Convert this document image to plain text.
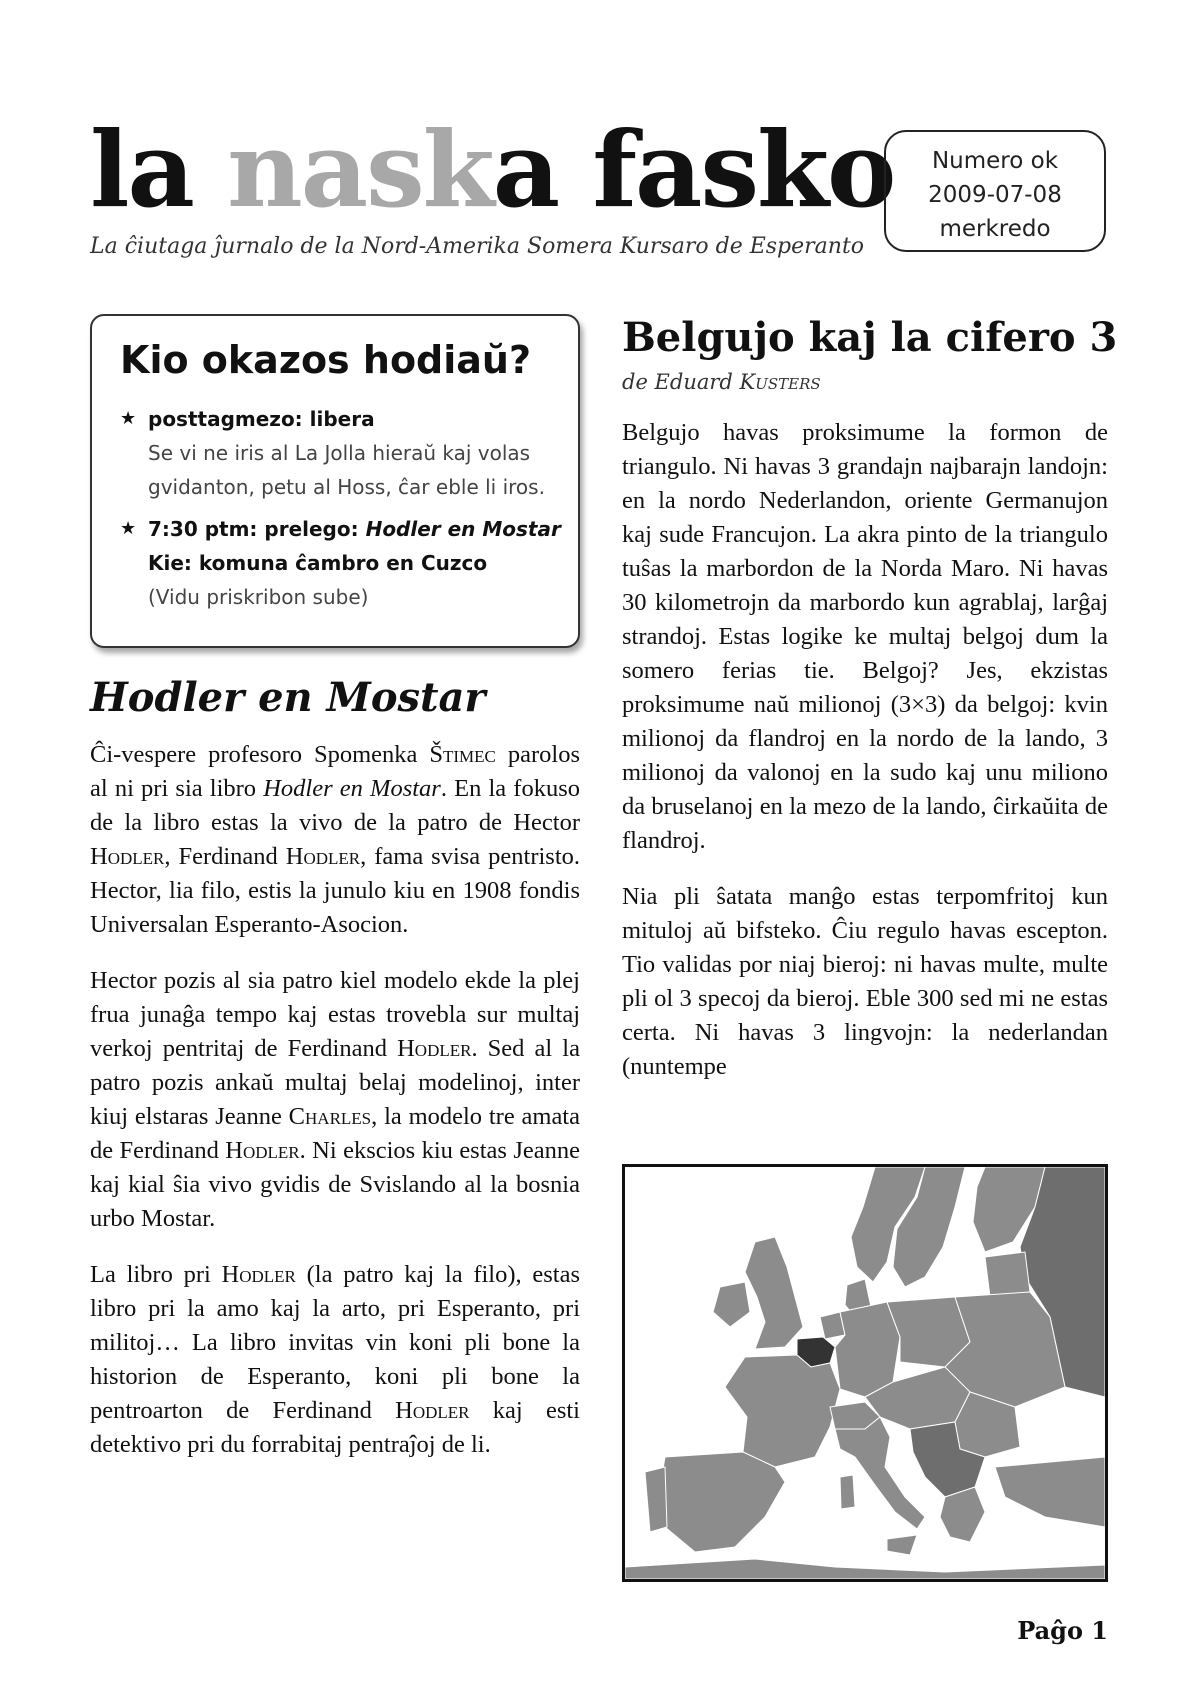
la naska fasko
La ĉiutaga ĵurnalo de la Nord-Amerika Somera Kursaro de Esperanto
Numero ok
2009-07-08
merkredo
Kio okazos hodiaŭ?
★ posttagmezo: libera
Se vi ne iris al La Jolla hieraŭ kaj volas
gvidanton, petu al Hoss, ĉar eble li iros.
★ 7:30 ptm: prelego: Hodler en Mostar
Kie: komuna ĉambro en Cuzco
(Vidu priskribon sube)
Hodler en Mostar

Ĉi-vespere profesoro Spomenka Štimec parolos al ni pri sia libro Hodler en Mostar. En la fokuso de la libro estas la vivo de la patro de Hector Hodler, Ferdinand Hodler, fama svisa pentristo. Hector, lia filo, estis la junulo kiu en 1908 fondis Universalan Esperanto-Asocion.

Hector pozis al sia patro kiel modelo ekde la plej frua junaĝa tempo kaj estas trovebla sur multaj verkoj pentritaj de Ferdinand Hodler. Sed al la patro pozis ankaŭ multaj belaj modelinoj, inter kiuj elstaras Jeanne Charles, la modelo tre amata de Ferdinand Hodler. Ni ekscios kiu estas Jeanne kaj kial ŝia vivo gvidis de Svislando al la bosnia urbo Mostar.

La libro pri Hodler (la patro kaj la filo), estas libro pri la amo kaj la arto, pri Esperanto, pri militoj… La libro invitas vin koni pli bone la historion de Esperanto, koni pli bone la pentroarton de Ferdinand Hodler kaj esti detektivo pri du forrabitaj pentraĵoj de li.

Belgujo kaj la cifero 3
de Eduard Kusters

Belgujo havas proksimume la formon de triangulo. Ni havas 3 grandajn najbarajn landojn: en la nordo Nederlandon, oriente Germanujon kaj sude Francujon. La akra pinto de la triangulo tuŝas la marbordon de la Norda Maro. Ni havas 30 kilometrojn da marbordo kun agrablaj, larĝaj strandoj. Estas logike ke multaj belgoj dum la somero ferias tie. Belgoj? Jes, ekzistas proksimume naŭ milionoj (3×3) da belgoj: kvin milionoj da flandroj en la nordo de la lando, 3 milionoj da valonoj en la sudo kaj unu miliono da bruselanoj en la mezo de la lando, ĉirkaŭita de flandroj.

Nia pli ŝatata manĝo estas terpomfritoj kun mituloj aŭ bifsteko. Ĉiu regulo havas escepton. Tio validas por niaj bieroj: ni havas multe, multe pli ol 3 specoj da bieroj. Eble 300 sed mi ne estas certa. Ni havas 3 lingvojn: la nederlandan (nuntempe

Paĝo 1
